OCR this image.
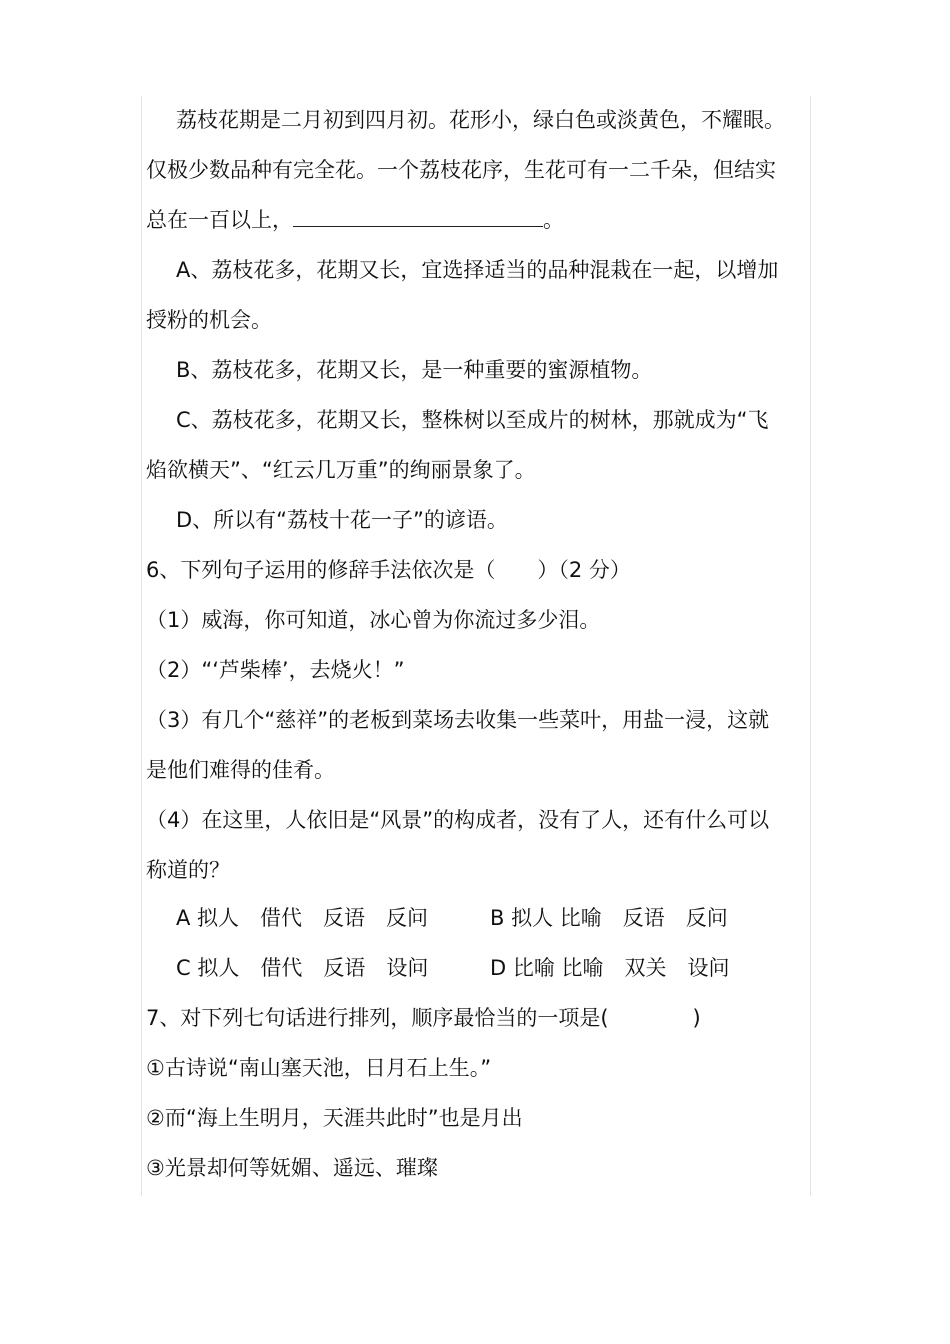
荔枝花期是二月初到四月初。花形小，绿白色或淡黄色，不耀眼。
仅极少数品种有完全花。一个荔枝花序，生花可有一二千朵，但结实
总在一百以上，	。
A、荔枝花多，花期又长，宜选择适当的品种混栽在一起，以增加
授粉的机会。
B、荔枝花多，花期又长，是一种重要的蜜源植物。
C、荔枝花多，花期又长，整株树以至成片的树林，那就成为“飞
焰欲横天”、“红云几万重”的绚丽景象了。
D、所以有“荔枝十花一子”的谚语。
6、下列句子运用的修辞手法依次是（　　）（2 分）
（1）威海，你可知道，冰心曾为你流过多少泪。
（2）“‘芦柴棒’，去烧火！”
（3）有几个“慈祥”的老板到菜场去收集一些菜叶，用盐一浸，这就
是他们难得的佳肴。
（4）在这里，人依旧是“风景”的构成者，没有了人，还有什么可以
称道的？
A 拟人　借代　反语　反问	B 拟人 比喻　反语　反问
C 拟人　借代　反语　设问	D 比喻 比喻　双关　设问
7、对下列七句话进行排列，顺序最恰当的一项是(　　　　)
①古诗说“南山塞天池，日月石上生。”
②而“海上生明月，天涯共此时”也是月出
③光景却何等妩媚、遥远、璀璨
